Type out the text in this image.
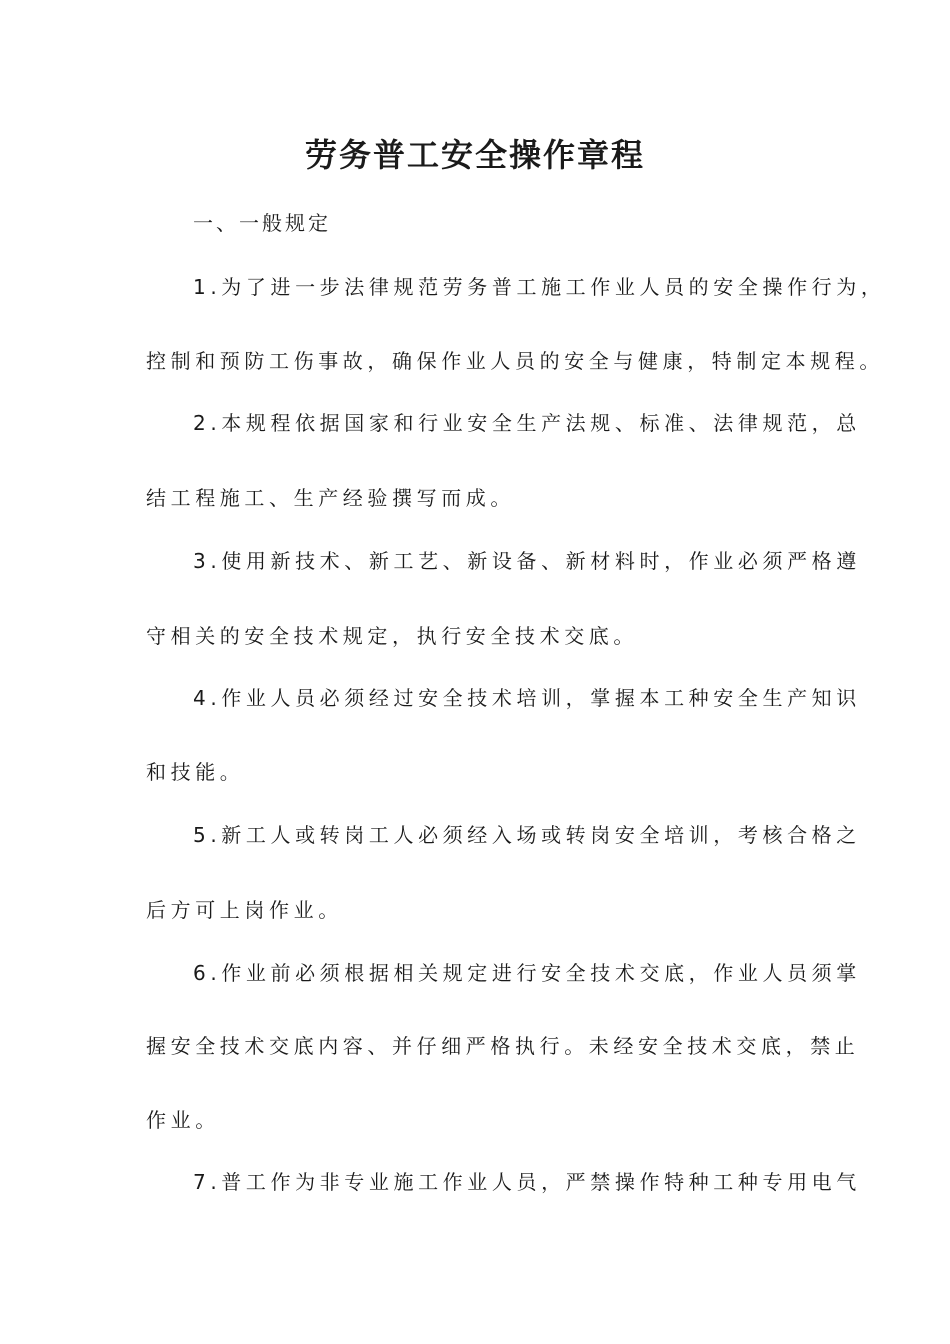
劳务普工安全操作章程
一、一般规定
1.为了进一步法律规范劳务普工施工作业人员的安全操作行为，
控制和预防工伤事故，确保作业人员的安全与健康，特制定本规程。
2.本规程依据国家和行业安全生产法规、标准、法律规范，总
结工程施工、生产经验撰写而成。
3.使用新技术、新工艺、新设备、新材料时，作业必须严格遵
守相关的安全技术规定，执行安全技术交底。
4.作业人员必须经过安全技术培训，掌握本工种安全生产知识
和技能。
5.新工人或转岗工人必须经入场或转岗安全培训，考核合格之
后方可上岗作业。
6.作业前必须根据相关规定进行安全技术交底，作业人员须掌
握安全技术交底内容、并仔细严格执行。未经安全技术交底，禁止
作业。
7.普工作为非专业施工作业人员，严禁操作特种工种专用电气
